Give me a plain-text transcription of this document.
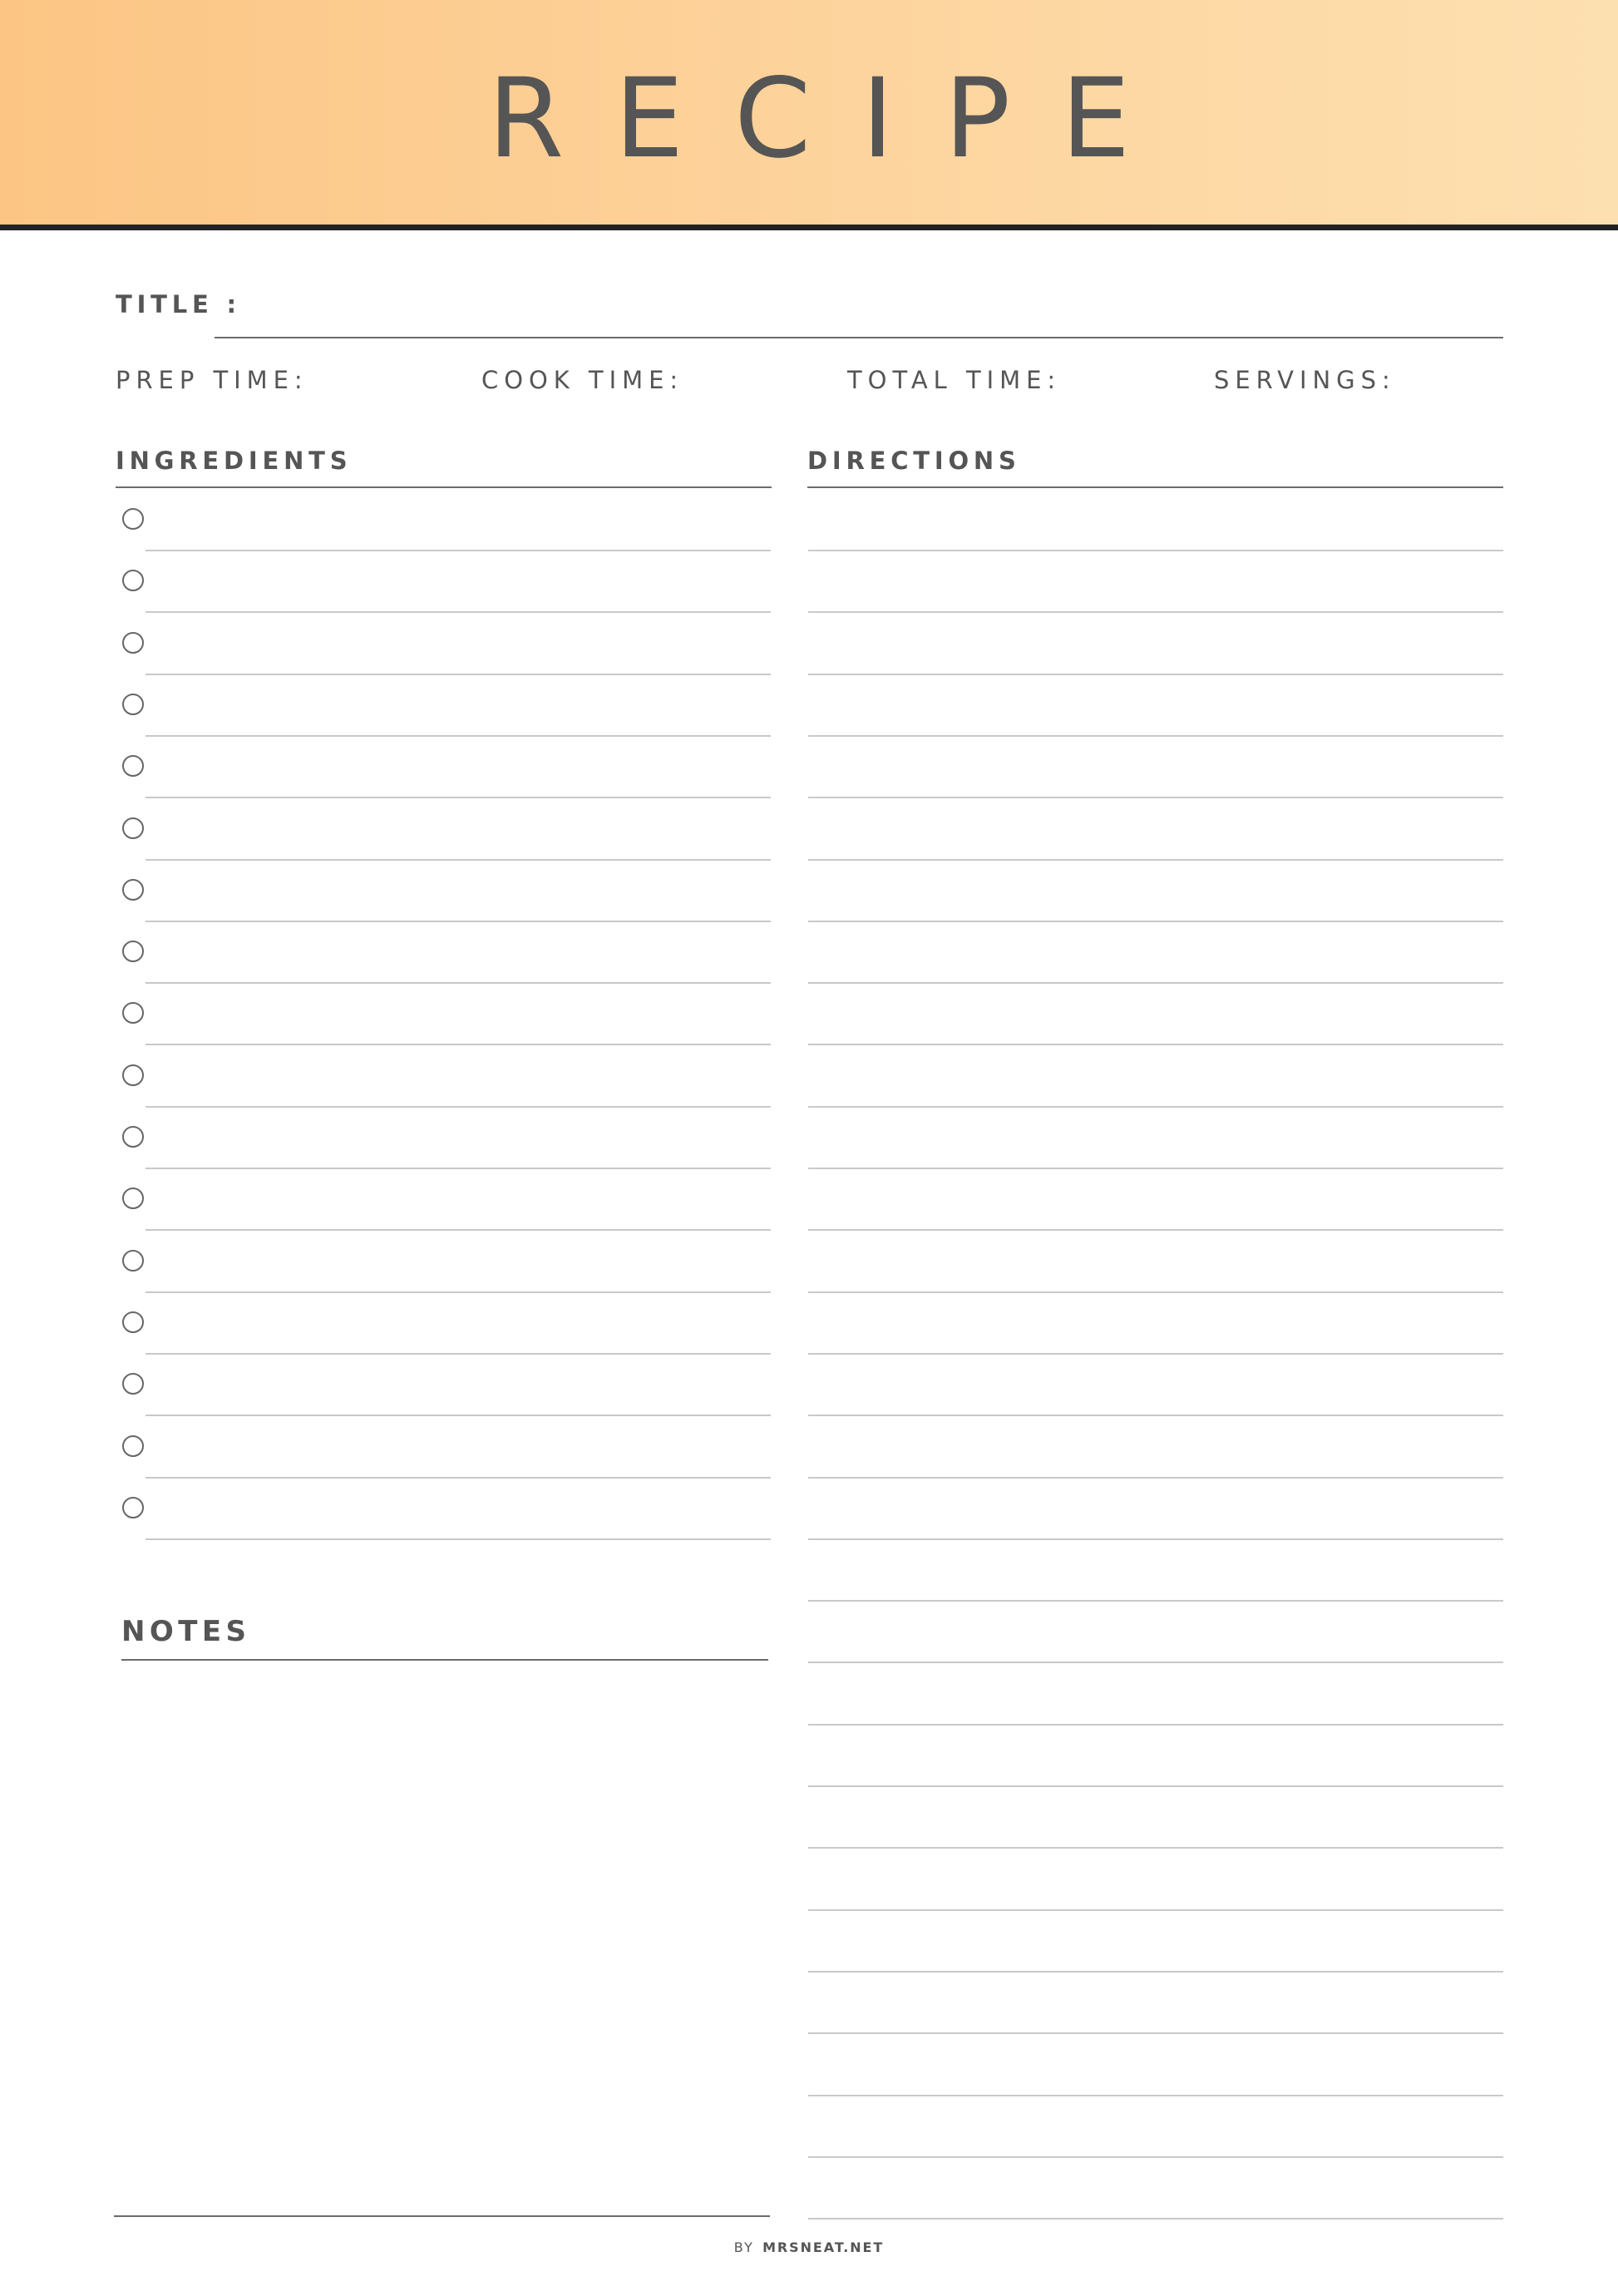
RECIPE
TITLE :
PREP TIME:	COOK TIME:	TOTAL TIME:	SERVINGS:
INGREDIENTS	DIRECTIONS
NOTES
BY MRSNEAT.NET
